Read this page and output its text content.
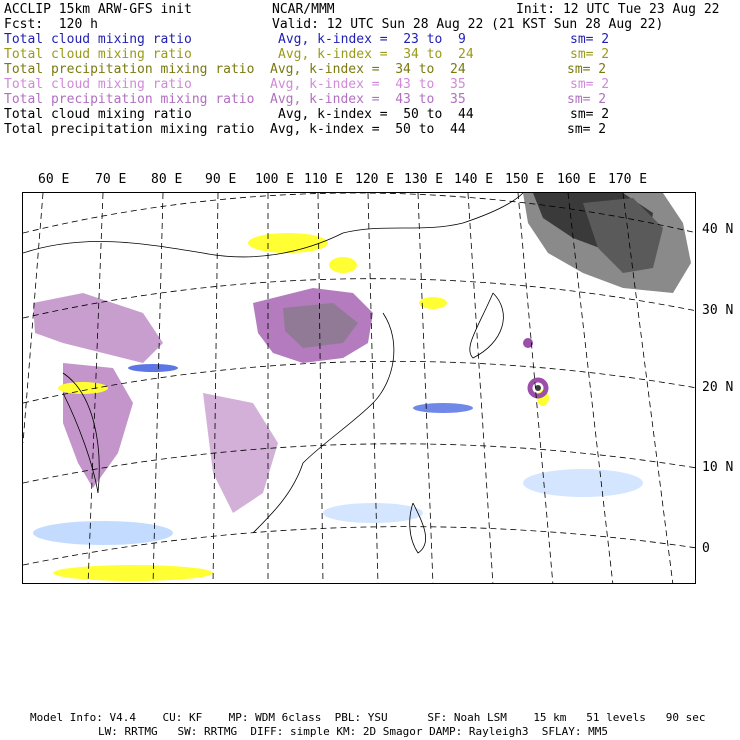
ACCLIP 15km ARW-GFS init	NCAR/MMM	Init: 12 UTC Tue 23 Aug 22
Fcst:  120 h	Valid: 12 UTC Sun 28 Aug 22 (21 KST Sun 28 Aug 22)
Total cloud mixing ratio	Avg, k-index =  23 to  9	sm= 2
Total cloud mixing ratio	Avg, k-index =  34 to  24	sm= 2
Total precipitation mixing ratio Avg, k-index =  34 to  24	sm= 2
Total cloud mixing ratio	Avg, k-index =  43 to  35	sm= 2
Total precipitation mixing ratio Avg, k-index =  43 to  35	sm= 2
Total cloud mixing ratio	Avg, k-index =  50 to  44	sm= 2
Total precipitation mixing ratio Avg, k-index =  50 to  44	sm= 2
60 E 70 E 80 E 90 E 100 E 110 E 120 E 130 E 140 E 150 E 160 E 170 E
40 N
30 N
20 N
10 N
0
Model Info: V4.4    CU: KF    MP: WDM 6class  PBL: YSU      SF: Noah LSM    15 km   51 levels   90 sec
LW: RRTMG   SW: RRTMG  DIFF: simple KM: 2D Smagor DAMP: Rayleigh3  SFLAY: MM5
